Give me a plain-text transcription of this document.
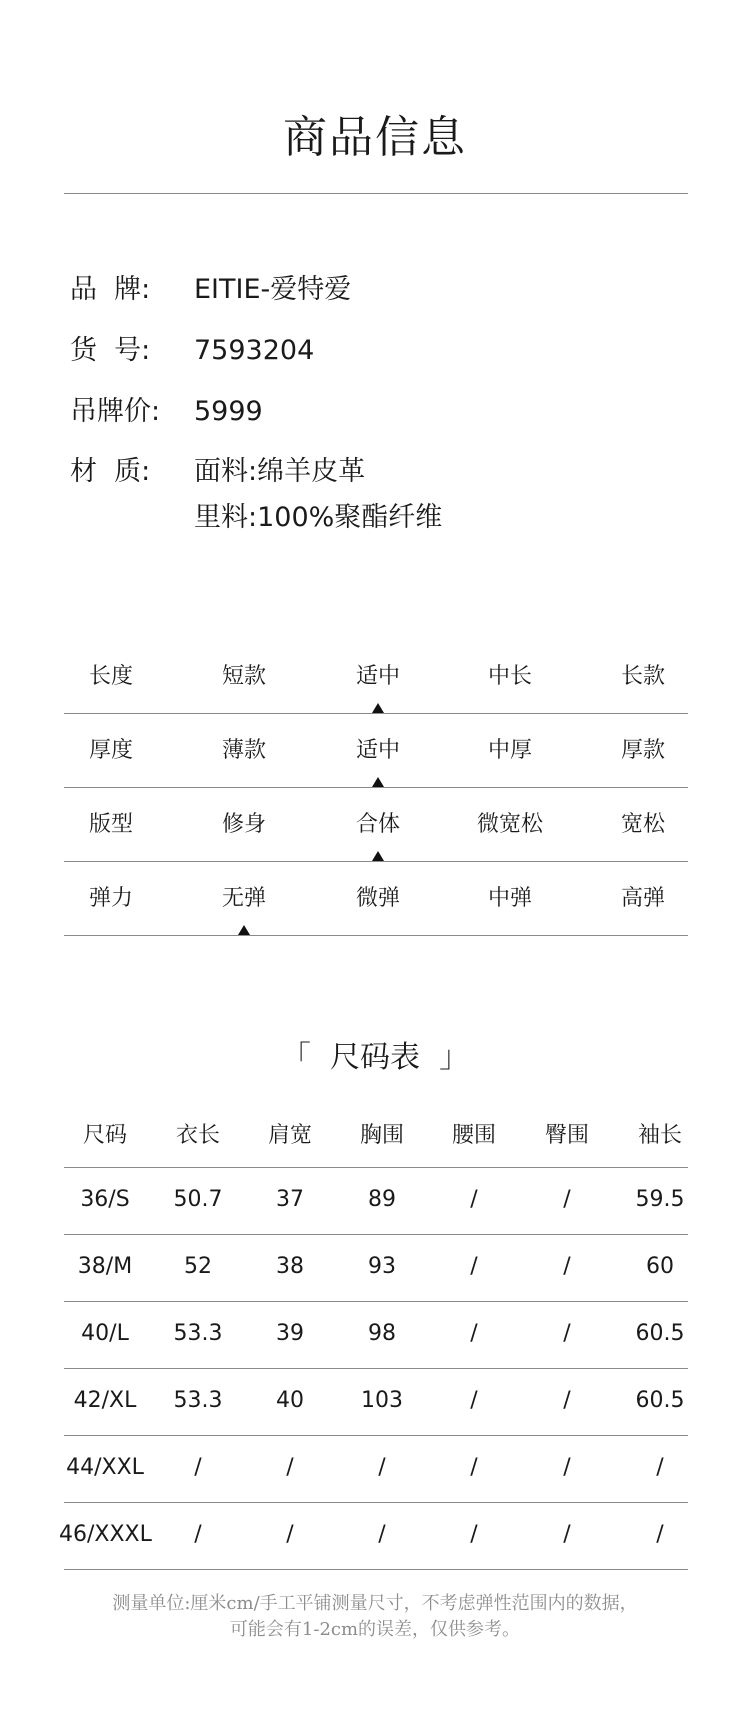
商品信息
品  牌:	EITIE-爱特爱
货  号:	7593204
吊牌价:	5999
材  质:	面料:绵羊皮革
里料:100%聚酯纤维
长度	短款	适中	中长	长款
厚度	薄款	适中	中厚	厚款
版型	修身	合体	微宽松	宽松
弹力	无弹	微弹	中弹	高弹
「  尺码表  」
尺码	衣长	肩宽	胸围	腰围	臀围	袖长
36/S	50.7	37	89	/	/	59.5
38/M	52	38	93	/	/	60
40/L	53.3	39	98	/	/	60.5
42/XL	53.3	40	103	/	/	60.5
44/XXL	/	/	/	/	/	/
46/XXXL	/	/	/	/	/	/
测量单位:厘米cm/手工平铺测量尺寸，不考虑弹性范围内的数据，
可能会有1-2cm的误差，仅供参考。
